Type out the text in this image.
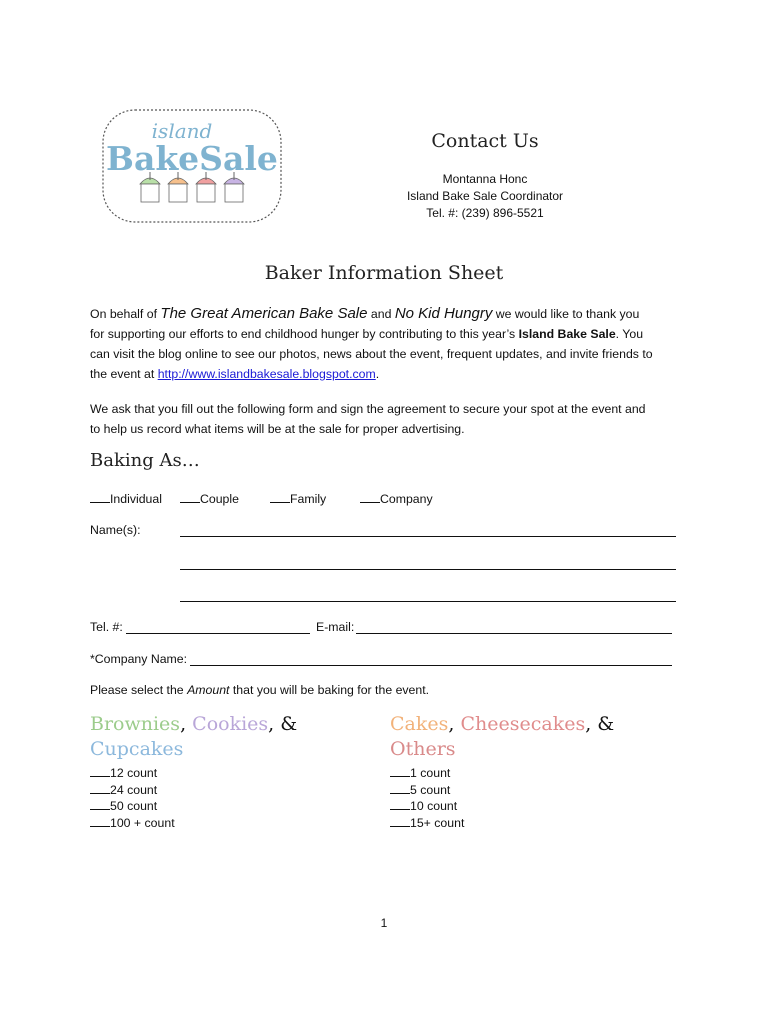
island
BakeSale	Contact Us
Montanna Honc
Island Bake Sale Coordinator
Tel. #: (239) 896-5521
Baker Information Sheet
On behalf of The Great American Bake Sale and No Kid Hungry we would like to thank you
for supporting our efforts to end childhood hunger by contributing to this year’s Island Bake Sale. You
can visit the blog online to see our photos, news about the event, frequent updates, and invite friends to
the event at http://www.islandbakesale.blogspot.com.
We ask that you fill out the following form and sign the agreement to secure your spot at the event and
to help us record what items will be at the sale for proper advertising.
Baking As…
Individual	Couple	Family	Company
Name(s):
Tel. #:	E-mail:
*Company Name:
Please select the Amount that you will be baking for the event.
Brownies, Cookies, &
Cupcakes
12 count
24 count
50 count
100 + count
Cakes, Cheesecakes, &
Others
1 count
5 count
10 count
15+ count
1
